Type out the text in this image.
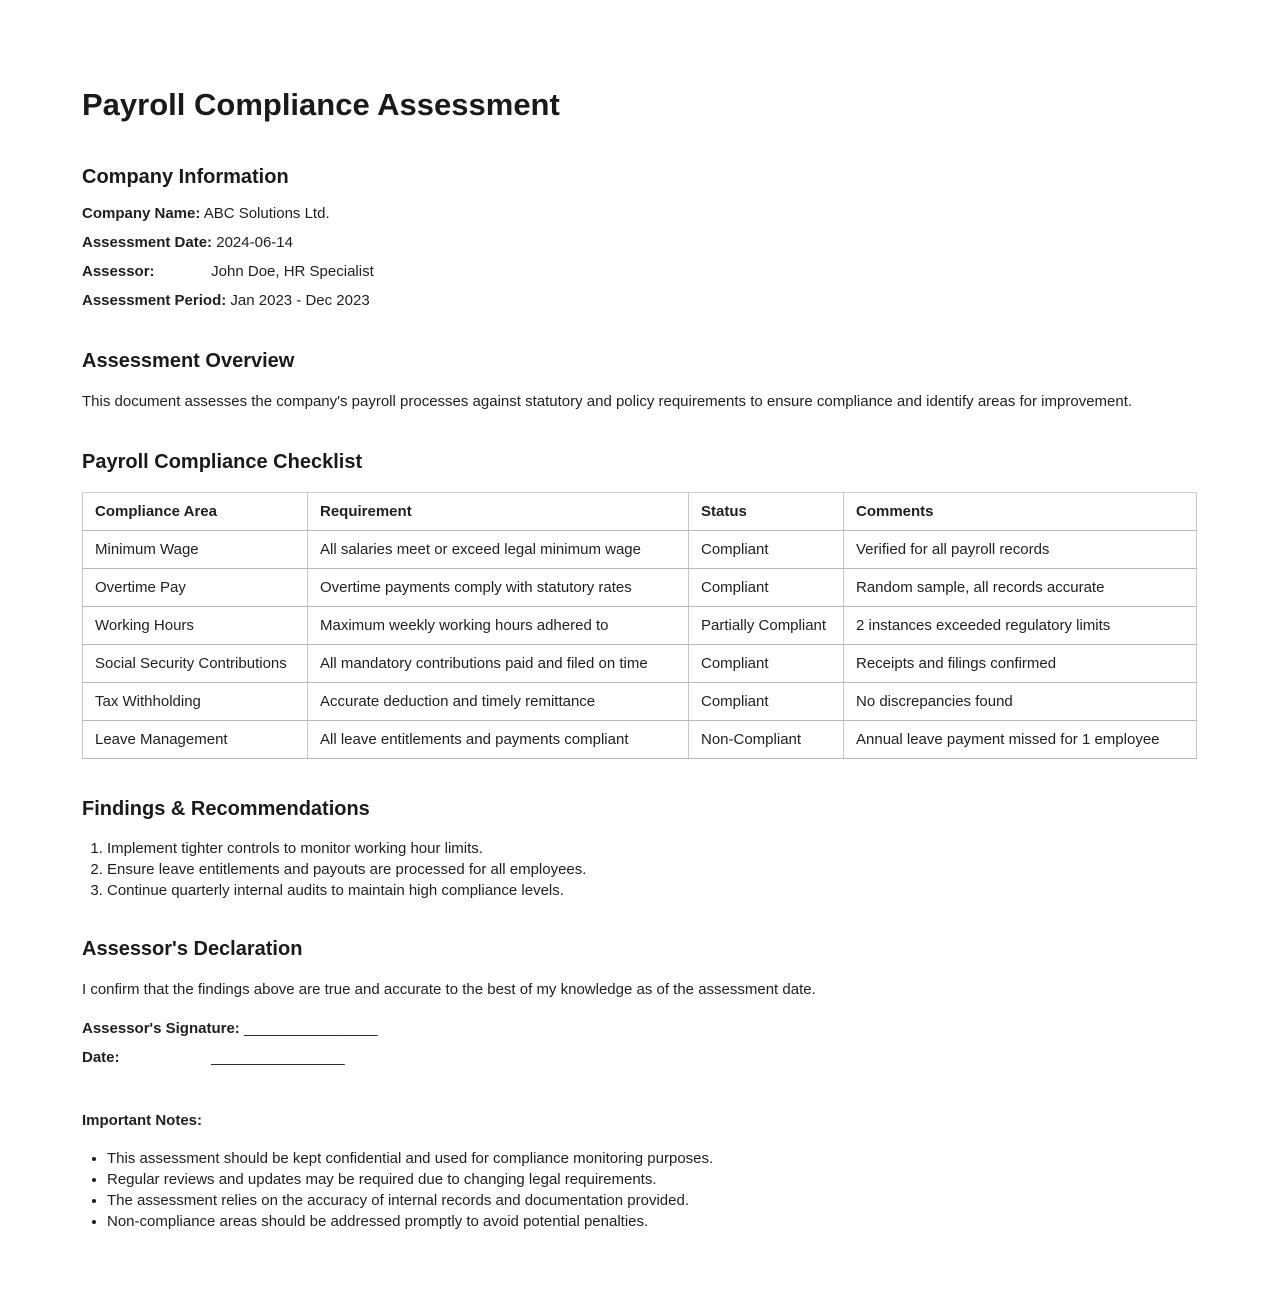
Payroll Compliance Assessment
Company Information

Company Name: ABC Solutions Ltd.

Assessment Date: 2024-06-14

Assessor:	John Doe, HR Specialist

Assessment Period: Jan 2023 - Dec 2023

Assessment Overview

This document assesses the company's payroll processes against statutory and policy requirements to ensure compliance and identify areas for improvement.

Payroll Compliance Checklist
Compliance Area	Requirement	Status	Comments
Minimum Wage	All salaries meet or exceed legal minimum wage	Compliant	Verified for all payroll records
Overtime Pay	Overtime payments comply with statutory rates	Compliant	Random sample, all records accurate
Working Hours	Maximum weekly working hours adhered to	Partially Compliant	2 instances exceeded regulatory limits
Social Security Contributions	All mandatory contributions paid and filed on time	Compliant	Receipts and filings confirmed
Tax Withholding	Accurate deduction and timely remittance	Compliant	No discrepancies found
Leave Management	All leave entitlements and payments compliant	Non-Compliant	Annual leave payment missed for 1 employee
Findings & Recommendations
1. Implement tighter controls to monitor working hour limits.
2. Ensure leave entitlements and payouts are processed for all employees.
3. Continue quarterly internal audits to maintain high compliance levels.
Assessor's Declaration

I confirm that the findings above are true and accurate to the best of my knowledge as of the assessment date.

Assessor's Signature: ________________

Date:	________________

Important Notes:

• This assessment should be kept confidential and used for compliance monitoring purposes.
• Regular reviews and updates may be required due to changing legal requirements.
• The assessment relies on the accuracy of internal records and documentation provided.
• Non-compliance areas should be addressed promptly to avoid potential penalties.
